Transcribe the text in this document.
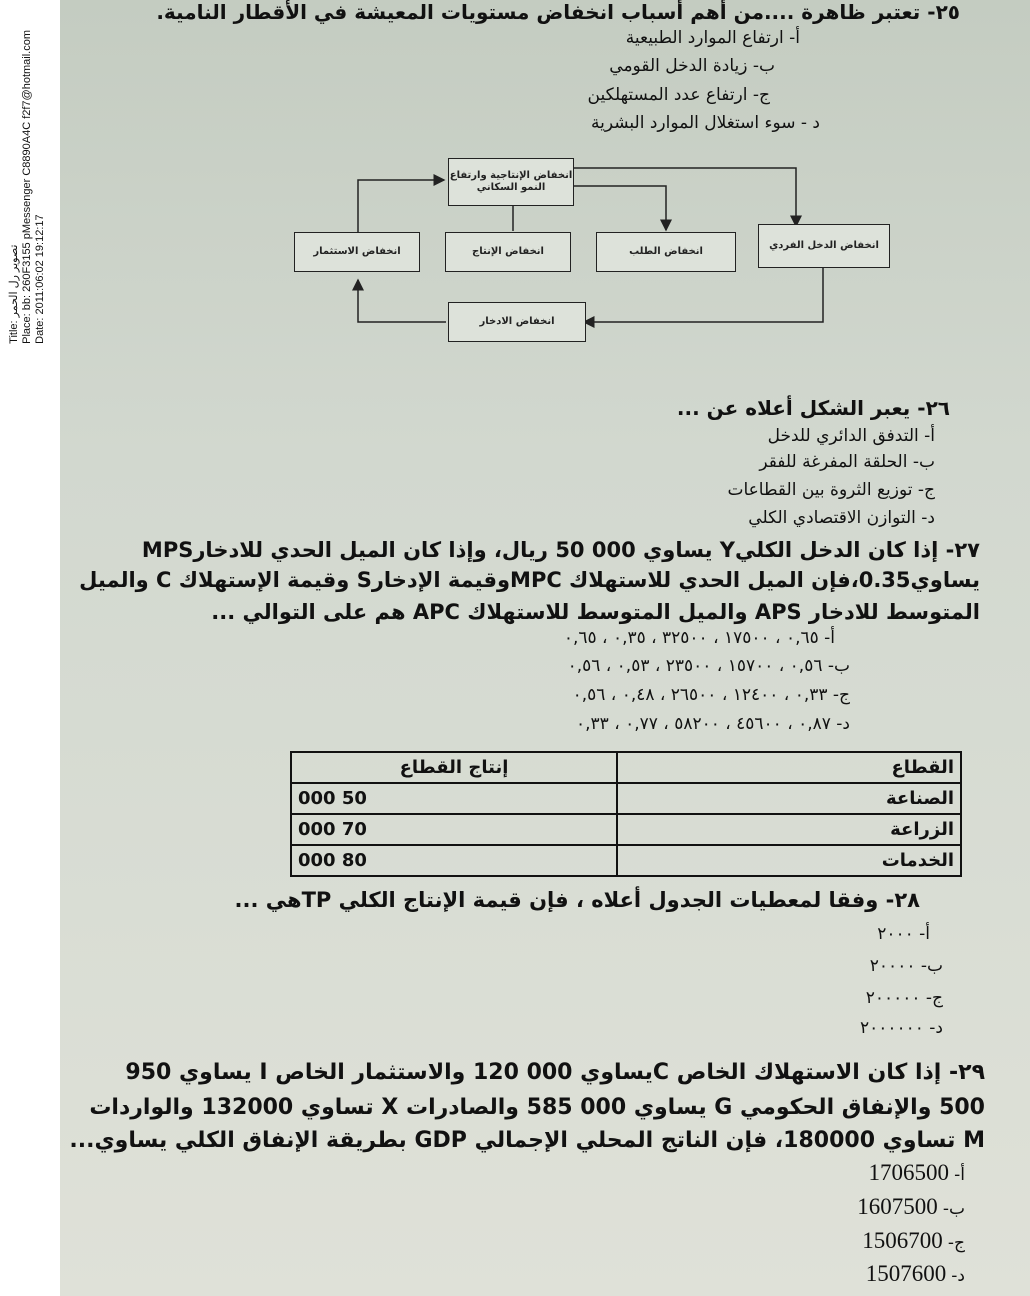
Title: تصوير رل الحمر Place: bb: 260F3155 pMessenger C8890A4C f2f7@hotmail.com Date: 2011:06:02 19:12:17
٢٥- تعتبر ظاهرة ....من أهم أسباب انخفاض مستويات المعيشة في الأقطار النامية.
أ- ارتفاع الموارد الطبيعية
ب- زيادة الدخل القومي
ج- ارتفاع عدد المستهلكين
د - سوء استغلال الموارد البشرية
انخفاض الإنتاجية وارتفاع النمو السكاني
انخفاض الاستثمار	انخفاض الإنتاج	انخفاض الطلب
انخفاض الدخل الفردي
انخفاض الادخار
٢٦- يعبر الشكل أعلاه عن ...
أ- التدفق الدائري للدخل
ب- الحلقة المفرغة للفقر
ج- توزيع الثروة بين القطاعات
د- التوازن الاقتصادي الكلي
٢٧- إذا كان الدخل الكليY يساوي 000 50 ريال، وإذا كان الميل الحدي للادخارMPS
يساوي0.35،فإن الميل الحدي للاستهلاك MPCوقيمة الإدخارS وقيمة الإستهلاك C والميل
المتوسط للادخار APS والميل المتوسط للاستهلاك APC هم على التوالي ...
أ- ٠,٦٥ ، ١٧٥٠٠ ، ٣٢٥٠٠ ، ٠,٣٥ ، ٠,٦٥
ب- ٠,٥٦ ، ١٥٧٠٠ ، ٢٣٥٠٠ ، ٠,٥٣ ، ٠,٥٦
ج- ٠,٣٣ ، ١٢٤٠٠ ، ٢٦٥٠٠ ، ٠,٤٨ ، ٠,٥٦
د- ٠,٨٧ ، ٤٥٦٠٠ ، ٥٨٢٠٠ ، ٠,٧٧ ، ٠,٣٣
القطاع	إنتاج القطاع
الصناعة	50 000
الزراعة	70 000
الخدمات	80 000
٢٨- وفقا لمعطيات الجدول أعلاه ، فإن قيمة الإنتاج الكلي TPهي ...
أ- ٢٠٠٠
ب- ٢٠٠٠٠
ج- ٢٠٠٠٠٠
د- ٢٠٠٠٠٠٠
٢٩- إذا كان الاستهلاك الخاص Cيساوي 000 120 والاستثمار الخاص I يساوي 950
500 والإنفاق الحكومي G يساوي 000 585 والصادرات X تساوي 132000 والواردات
M تساوي 180000، فإن الناتج المحلي الإجمالي GDP بطريقة الإنفاق الكلي يساوي...
أ- 1706500
ب- 1607500
ج- 1506700
د- 1507600
